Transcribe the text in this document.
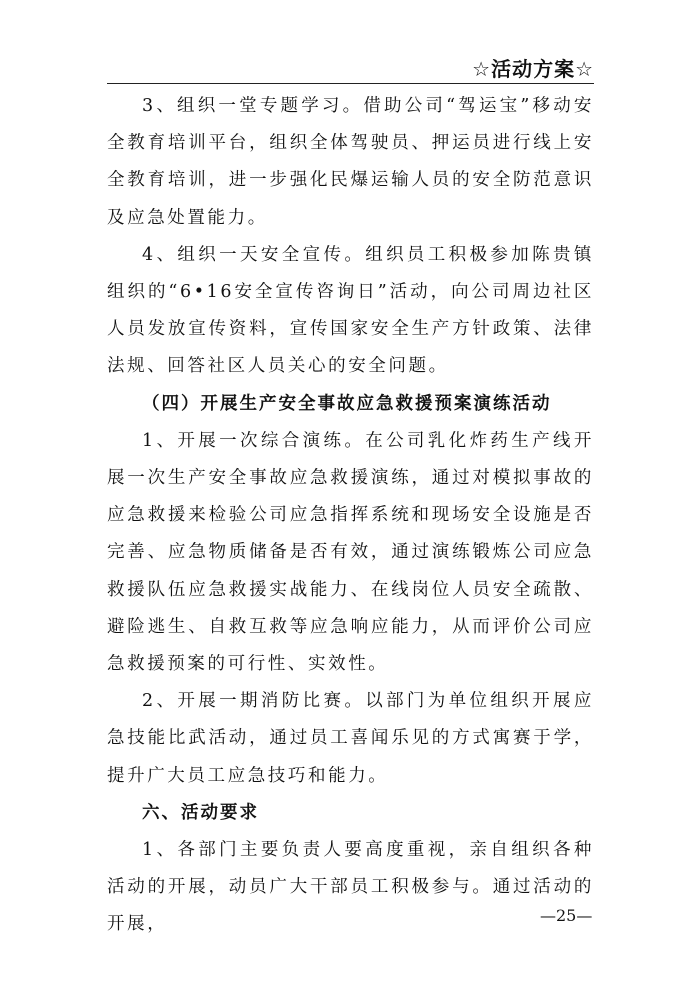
☆活动方案☆

3、组织一堂专题学习。借助公司“驾运宝”移动安全教育培训平台，组织全体驾驶员、押运员进行线上安全教育培训，进一步强化民爆运输人员的安全防范意识及应急处置能力。

4、组织一天安全宣传。组织员工积极参加陈贵镇组织的“6•16安全宣传咨询日”活动，向公司周边社区人员发放宣传资料，宣传国家安全生产方针政策、法律法规、回答社区人员关心的安全问题。

（四）开展生产安全事故应急救援预案演练活动

1、开展一次综合演练。在公司乳化炸药生产线开展一次生产安全事故应急救援演练，通过对模拟事故的应急救援来检验公司应急指挥系统和现场安全设施是否完善、应急物质储备是否有效，通过演练锻炼公司应急救援队伍应急救援实战能力、在线岗位人员安全疏散、避险逃生、自救互救等应急响应能力，从而评价公司应急救援预案的可行性、实效性。

2、开展一期消防比赛。以部门为单位组织开展应急技能比武活动，通过员工喜闻乐见的方式寓赛于学，提升广大员工应急技巧和能力。

六、活动要求

1、各部门主要负责人要高度重视，亲自组织各种活动的开展，动员广大干部员工积极参与。通过活动的开展，	—25—
